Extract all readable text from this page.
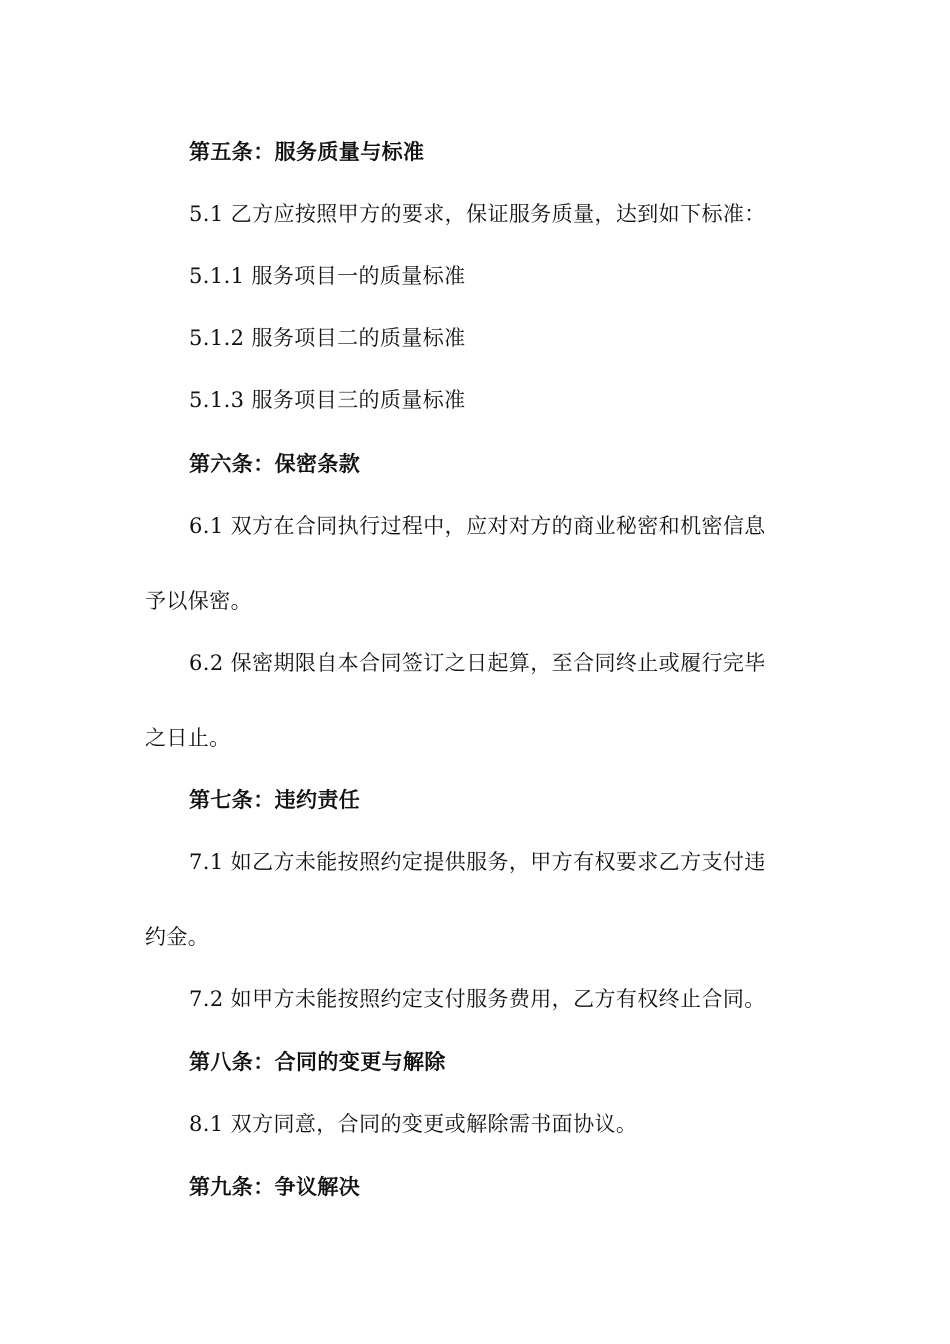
第五条：服务质量与标准
5.1 乙方应按照甲方的要求，保证服务质量，达到如下标准：
5.1.1 服务项目一的质量标准
5.1.2 服务项目二的质量标准
5.1.3 服务项目三的质量标准
第六条：保密条款
6.1 双方在合同执行过程中，应对对方的商业秘密和机密信息
予以保密。
6.2 保密期限自本合同签订之日起算，至合同终止或履行完毕
之日止。
第七条：违约责任
7.1 如乙方未能按照约定提供服务，甲方有权要求乙方支付违
约金。
7.2 如甲方未能按照约定支付服务费用，乙方有权终止合同。
第八条：合同的变更与解除
8.1 双方同意，合同的变更或解除需书面协议。
第九条：争议解决
